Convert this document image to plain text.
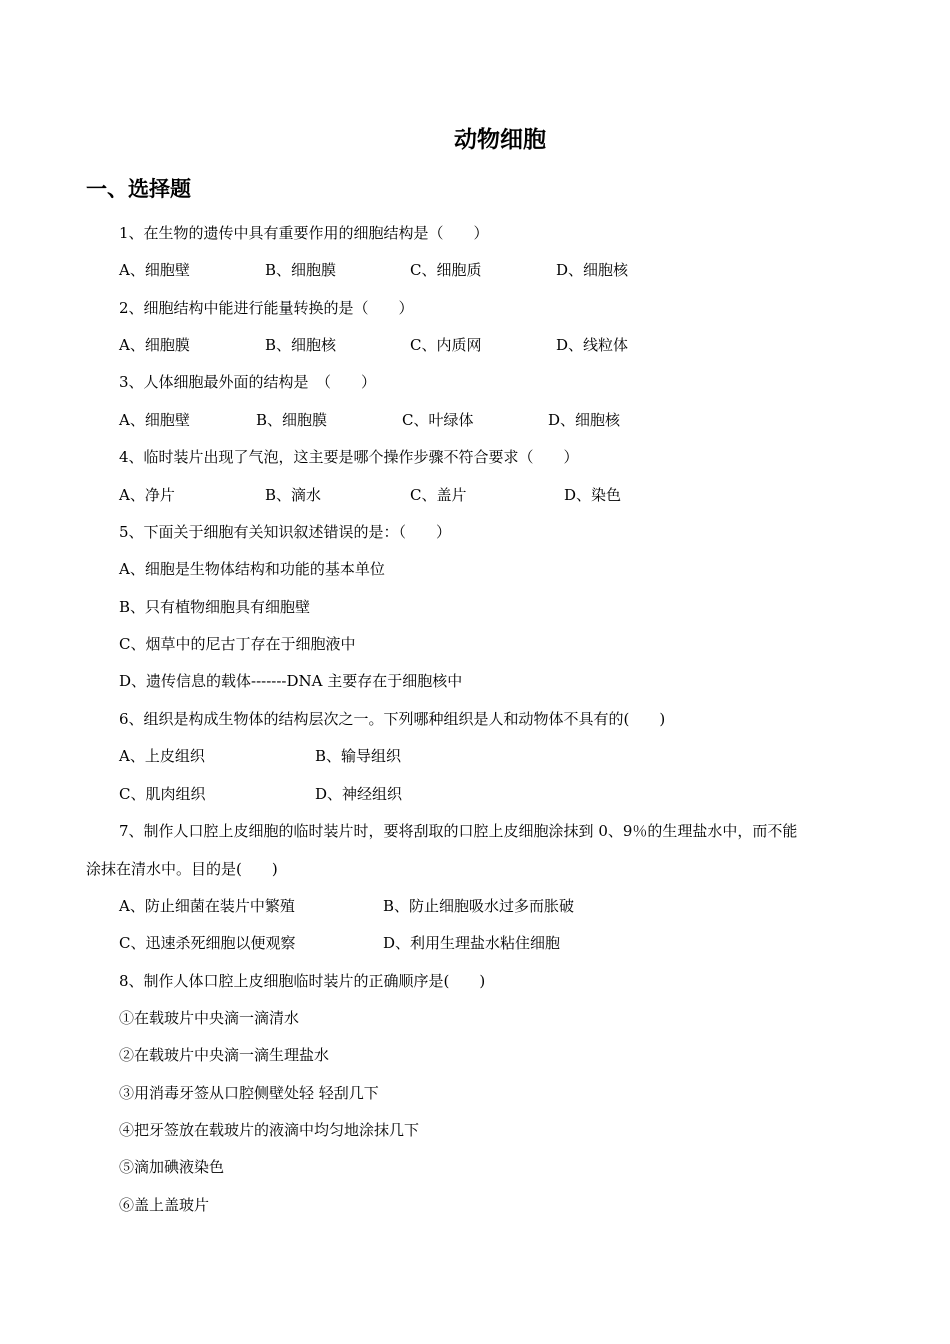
动物细胞
一、选择题
1、在生物的遗传中具有重要作用的细胞结构是（　　）
A、细胞壁	B、细胞膜	C、细胞质	D、细胞核
2、细胞结构中能进行能量转换的是（　　）
A、细胞膜	B、细胞核	C、内质网	D、线粒体
3、人体细胞最外面的结构是　（　　）
A、细胞壁	B、细胞膜	C、叶绿体	D、细胞核
4、临时装片出现了气泡，这主要是哪个操作步骤不符合要求（　　）
A、净片	B、滴水	C、盖片	D、染色
5、下面关于细胞有关知识叙述错误的是：（　　）
A、细胞是生物体结构和功能的基本单位
B、只有植物细胞具有细胞壁
C、烟草中的尼古丁存在于细胞液中
D、遗传信息的载体-------DNA 主要存在于细胞核中
6、组织是构成生物体的结构层次之一。下列哪种组织是人和动物体不具有的(　　)
A、上皮组织	B、输导组织
C、肌肉组织	D、神经组织
7、制作人口腔上皮细胞的临时装片时，要将刮取的口腔上皮细胞涂抹到 0、9％的生理盐水中，而不能
涂抹在清水中。目的是(　　)
A、防止细菌在装片中繁殖	B、防止细胞吸水过多而胀破
C、迅速杀死细胞以便观察	D、利用生理盐水粘住细胞
8、制作人体口腔上皮细胞临时装片的正确顺序是(　　)
①在载玻片中央滴一滴清水
②在载玻片中央滴一滴生理盐水
③用消毒牙签从口腔侧壁处轻 轻刮几下
④把牙签放在载玻片的液滴中均匀地涂抹几下
⑤滴加碘液染色
⑥盖上盖玻片
